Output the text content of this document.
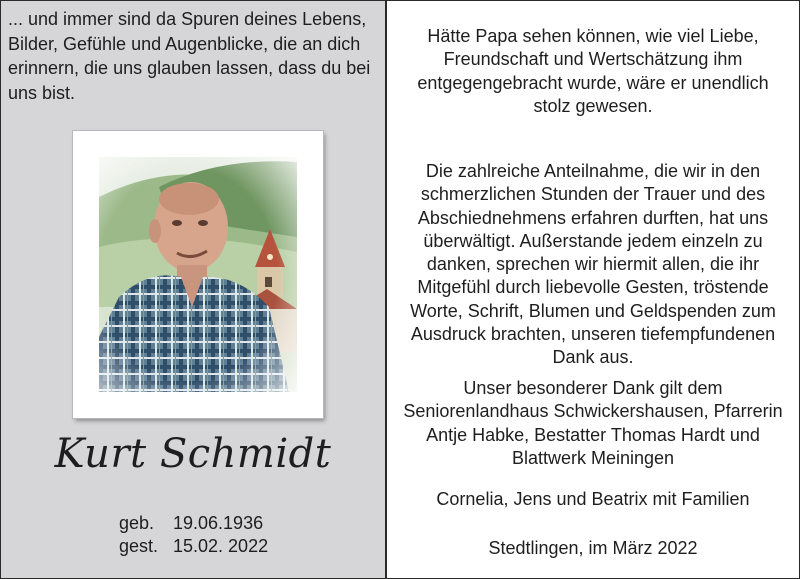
... und immer sind da Spuren deines Lebens,
Bilder, Gefühle und Augenblicke, die an dich
erinnern, die uns glauben lassen, dass du bei
uns bist.
Kurt Schmidt
geb.	19.06.1936
gest. 15.02. 2022
Hätte Papa sehen können, wie viel Liebe,
Freundschaft und Wertschätzung ihm
entgegengebracht wurde, wäre er unendlich
stolz gewesen.
Die zahlreiche Anteilnahme, die wir in den
schmerzlichen Stunden der Trauer und des
Abschiednehmens erfahren durften, hat uns
überwältigt. Außerstande jedem einzeln zu
danken, sprechen wir hiermit allen, die ihr
Mitgefühl durch liebevolle Gesten, tröstende
Worte, Schrift, Blumen und Geldspenden zum
Ausdruck brachten, unseren tiefempfundenen
Dank aus.
Unser besonderer Dank gilt dem
Seniorenlandhaus Schwickershausen, Pfarrerin
Antje Habke, Bestatter Thomas Hardt und
Blattwerk Meiningen
Cornelia, Jens und Beatrix mit Familien
Stedtlingen, im März 2022
